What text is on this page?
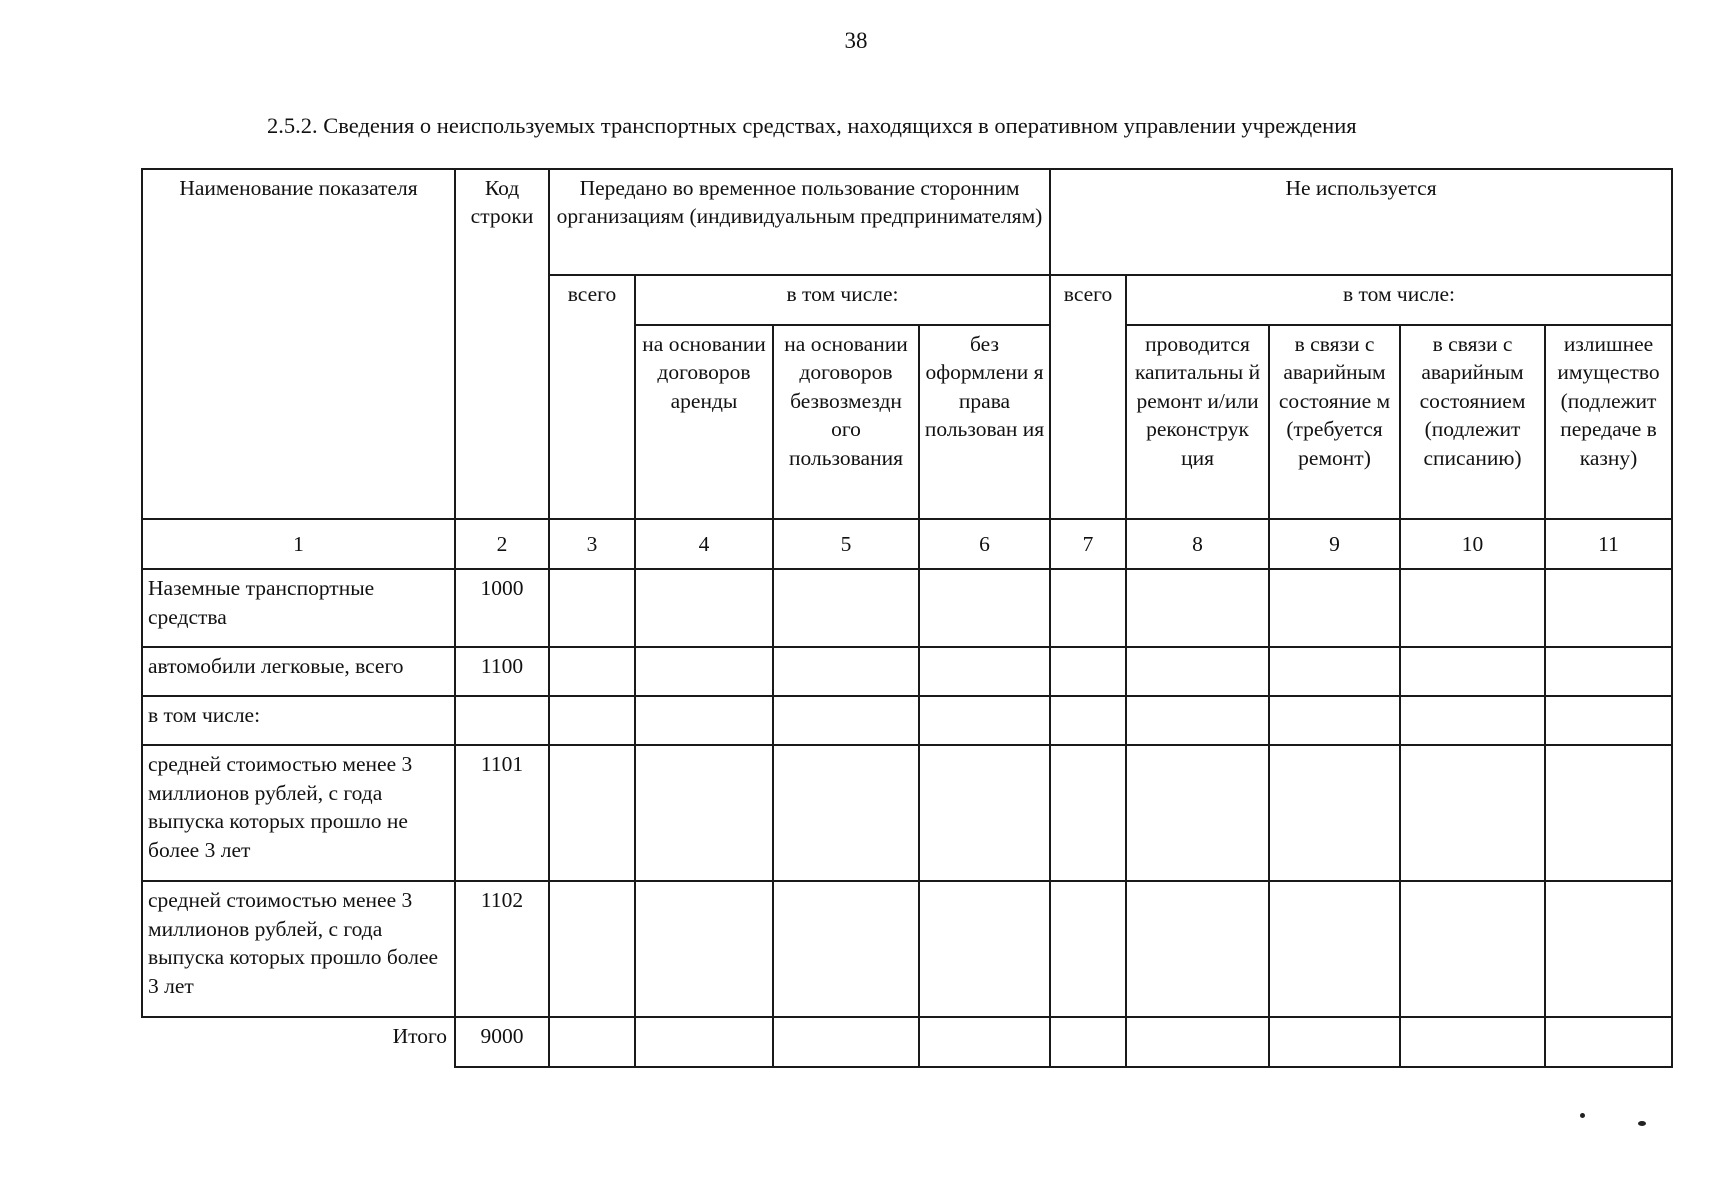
38
2.5.2. Сведения о неиспользуемых транспортных средствах, находящихся в оперативном управлении учреждения
Наименование показателя	Код строки	Передано во временное пользование сторонним организациям (индивидуальным предпринимателям)				Не используется				
		всего	в том числе:			всего	в том числе:			
			на основании договоров аренды	на основании договоров безвозмездн ого пользования	без оформлени я права пользован ия		проводится капитальны й ремонт и/или реконструк ция	в связи с аварийным состояние м (требуется ремонт)	в связи с аварийным состоянием (подлежит списанию)	излишнее имущество (подлежит передаче в казну)
1	2	3	4	5	6	7	8	9	10	11
Наземные транспортные средства	1000									
автомобили легковые, всего	1100									
в том числе:										
средней стоимостью менее 3 миллионов рублей, с года выпуска которых прошло не более 3 лет	1101									
средней стоимостью менее 3 миллионов рублей, с года выпуска которых прошло более 3 лет	1102									
Итого	9000									
